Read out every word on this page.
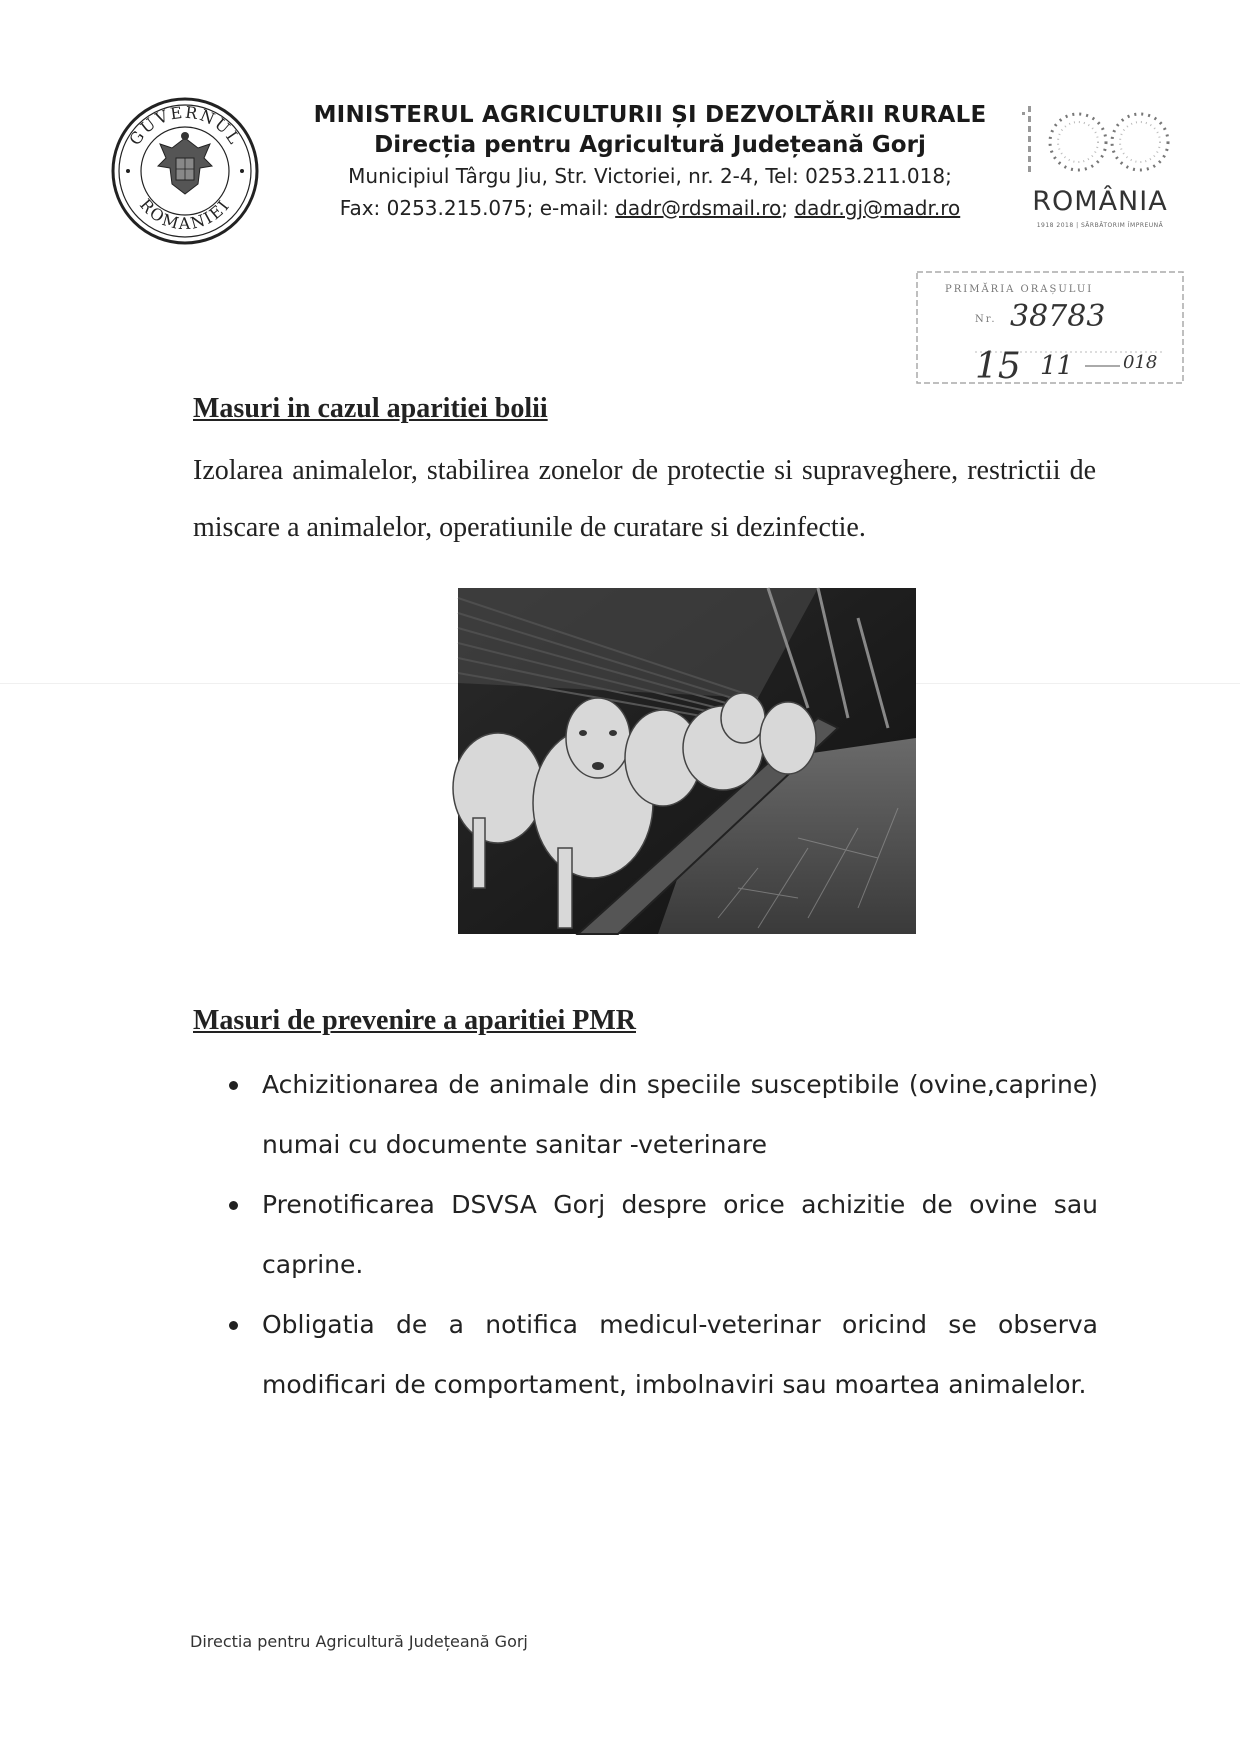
GUVERNUL
ROMANIEI

MINISTERUL AGRICULTURII ȘI DEZVOLTĂRII RURALE

Direcția pentru Agricultură Județeană Gorj

Municipiul Târgu Jiu, Str. Victoriei, nr. 2-4, Tel: 0253.211.018;

Fax: 0253.215.075; e-mail: dadr@rdsmail.ro; dadr.gj@madr.ro

100
ROMÂNIA
1918 2018 | SĂRBĂTORIM ÎMPREUNĂ
PRIMĂRIA ORAȘULUI
Nr. 38783
15 11	018
Masuri in cazul aparitiei bolii

Izolarea animalelor, stabilirea zonelor de protectie si supraveghere, restrictii de miscare a animalelor, operatiunile de curatare si dezinfectie.

Masuri de prevenire a aparitiei PMR
Achizitionarea de animale din speciile susceptibile (ovine,caprine) numai cu documente sanitar -veterinare
Prenotificarea DSVSA Gorj despre orice achizitie de ovine sau caprine.
Obligatia de a notifica medicul-veterinar oricind se observa modificari de comportament, imbolnaviri sau moartea animalelor.

Directia pentru Agricultură Județeană Gorj
